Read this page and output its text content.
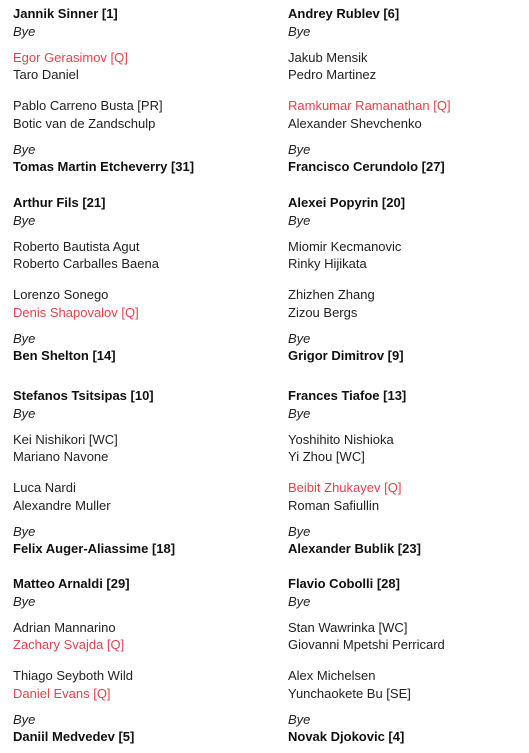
Jannik Sinner [1]
Bye
Egor Gerasimov [Q]
Taro Daniel
Pablo Carreno Busta [PR]
Botic van de Zandschulp
Bye
Tomas Martin Etcheverry [31]
Arthur Fils [21]
Bye
Roberto Bautista Agut
Roberto Carballes Baena
Lorenzo Sonego
Denis Shapovalov [Q]
Bye
Ben Shelton [14]
Stefanos Tsitsipas [10]
Bye
Kei Nishikori [WC]
Mariano Navone
Luca Nardi
Alexandre Muller
Bye
Felix Auger-Aliassime [18]
Matteo Arnaldi [29]
Bye
Adrian Mannarino
Zachary Svajda [Q]
Thiago Seyboth Wild
Daniel Evans [Q]
Bye
Daniil Medvedev [5]
Andrey Rublev [6]
Bye
Jakub Mensik
Pedro Martinez
Ramkumar Ramanathan [Q]
Alexander Shevchenko
Bye
Francisco Cerundolo [27]
Alexei Popyrin [20]
Bye
Miomir Kecmanovic
Rinky Hijikata
Zhizhen Zhang
Zizou Bergs
Bye
Grigor Dimitrov [9]
Frances Tiafoe [13]
Bye
Yoshihito Nishioka
Yi Zhou [WC]
Beibit Zhukayev [Q]
Roman Safiullin
Bye
Alexander Bublik [23]
Flavio Cobolli [28]
Bye
Stan Wawrinka [WC]
Giovanni Mpetshi Perricard
Alex Michelsen
Yunchaokete Bu [SE]
Bye
Novak Djokovic [4]
